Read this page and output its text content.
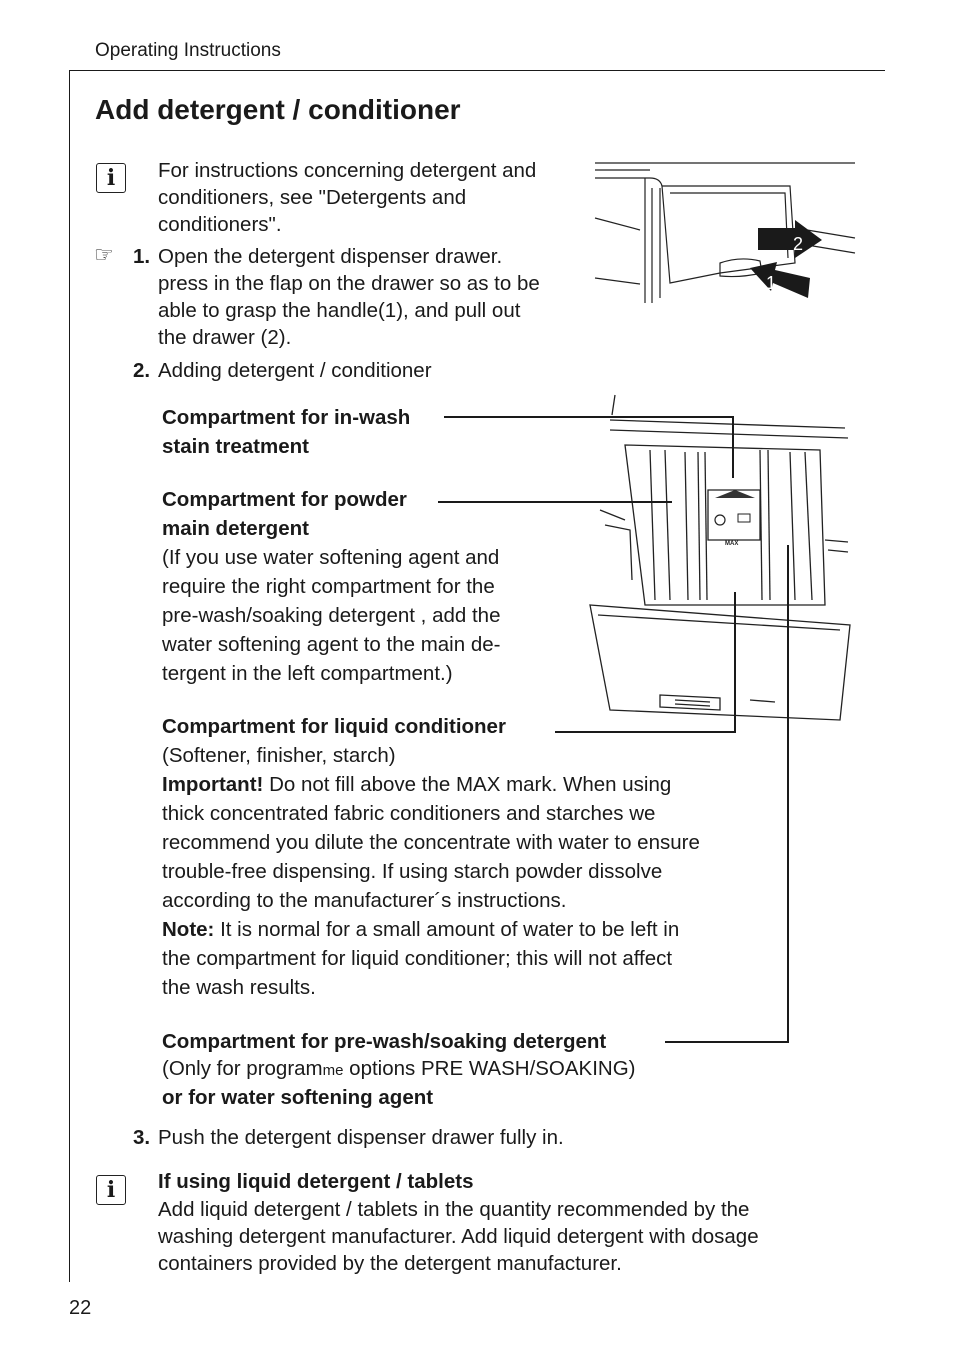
Operating Instructions
Add detergent / conditioner
i	For instructions concerning detergent and conditioners, see "Detergents and conditioners".
☞ 1. Open the detergent dispenser drawer. press in the flap on the drawer so as to be able to grasp the handle(1), and pull out the drawer (2).
2. Adding detergent / conditioner
2
1
MAX
Compartment for in-wash
stain treatment
Compartment for powder
main detergent
(If you use water softening agent and
require the right compartment for the
pre-wash/soaking detergent , add the
water softening agent to the main de-
tergent in the left compartment.)
Compartment for liquid conditioner
(Softener, finisher, starch)
Important! Do not fill above the MAX mark. When using
thick concentrated fabric conditioners and starches we
recommend you dilute the concentrate with water to ensure
trouble-free dispensing. If using starch powder dissolve
according to the manufacturer´s instructions.
Note: It is normal for a small amount of water to be left in
the compartment for liquid conditioner; this will not affect
the wash results.
Compartment for pre-wash/soaking detergent
(Only for programme options PRE WASH/SOAKING)
or for water softening agent
3. Push the detergent dispenser drawer fully in.
i	If using liquid detergent / tablets
Add liquid detergent / tablets in the quantity recommended by the
washing detergent manufacturer. Add liquid detergent with dosage
containers provided by the detergent manufacturer.
22
